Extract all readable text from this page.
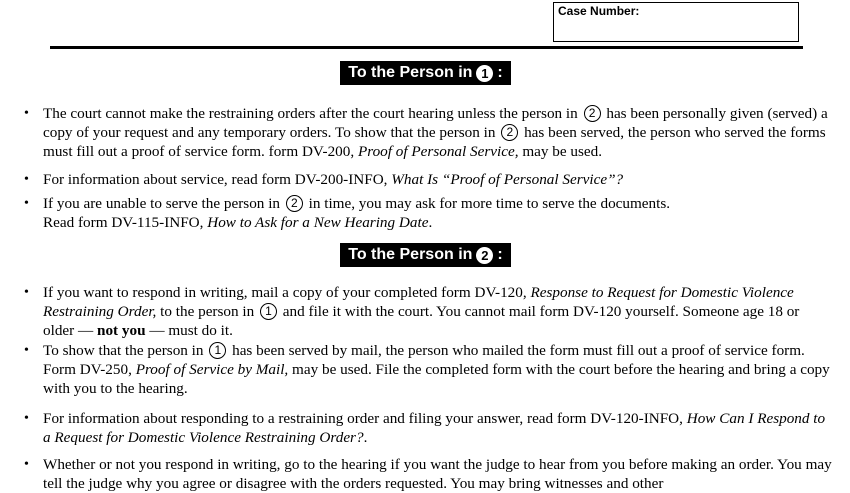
Case Number:
To the Person in 1 :
• The court cannot make the restraining orders after the court hearing unless the person in 2 has been personally given (served) a copy of your request and any temporary orders. To show that the person in 2 has been served, the person who served the forms must fill out a proof of service form. form DV-200, Proof of Personal Service, may be used.
• For information about service, read form DV-200-INFO, What Is “Proof of Personal Service”?
• If you are unable to serve the person in 2 in time, you may ask for more time to serve the documents.
Read form DV-115-INFO, How to Ask for a New Hearing Date.
To the Person in 2 :
• If you want to respond in writing, mail a copy of your completed form DV-120, Response to Request for Domestic Violence Restraining Order, to the person in 1 and file it with the court. You cannot mail form DV-120 yourself. Someone age 18 or older — not you — must do it.
• To show that the person in 1 has been served by mail, the person who mailed the form must fill out a proof of service form. Form DV-250, Proof of Service by Mail, may be used. File the completed form with the court before the hearing and bring a copy with you to the hearing.
• For information about responding to a restraining order and filing your answer, read form DV-120-INFO, How Can I Respond to a Request for Domestic Violence Restraining Order?.
• Whether or not you respond in writing, go to the hearing if you want the judge to hear from you before making an order. You may tell the judge why you agree or disagree with the orders requested. You may bring witnesses and other
